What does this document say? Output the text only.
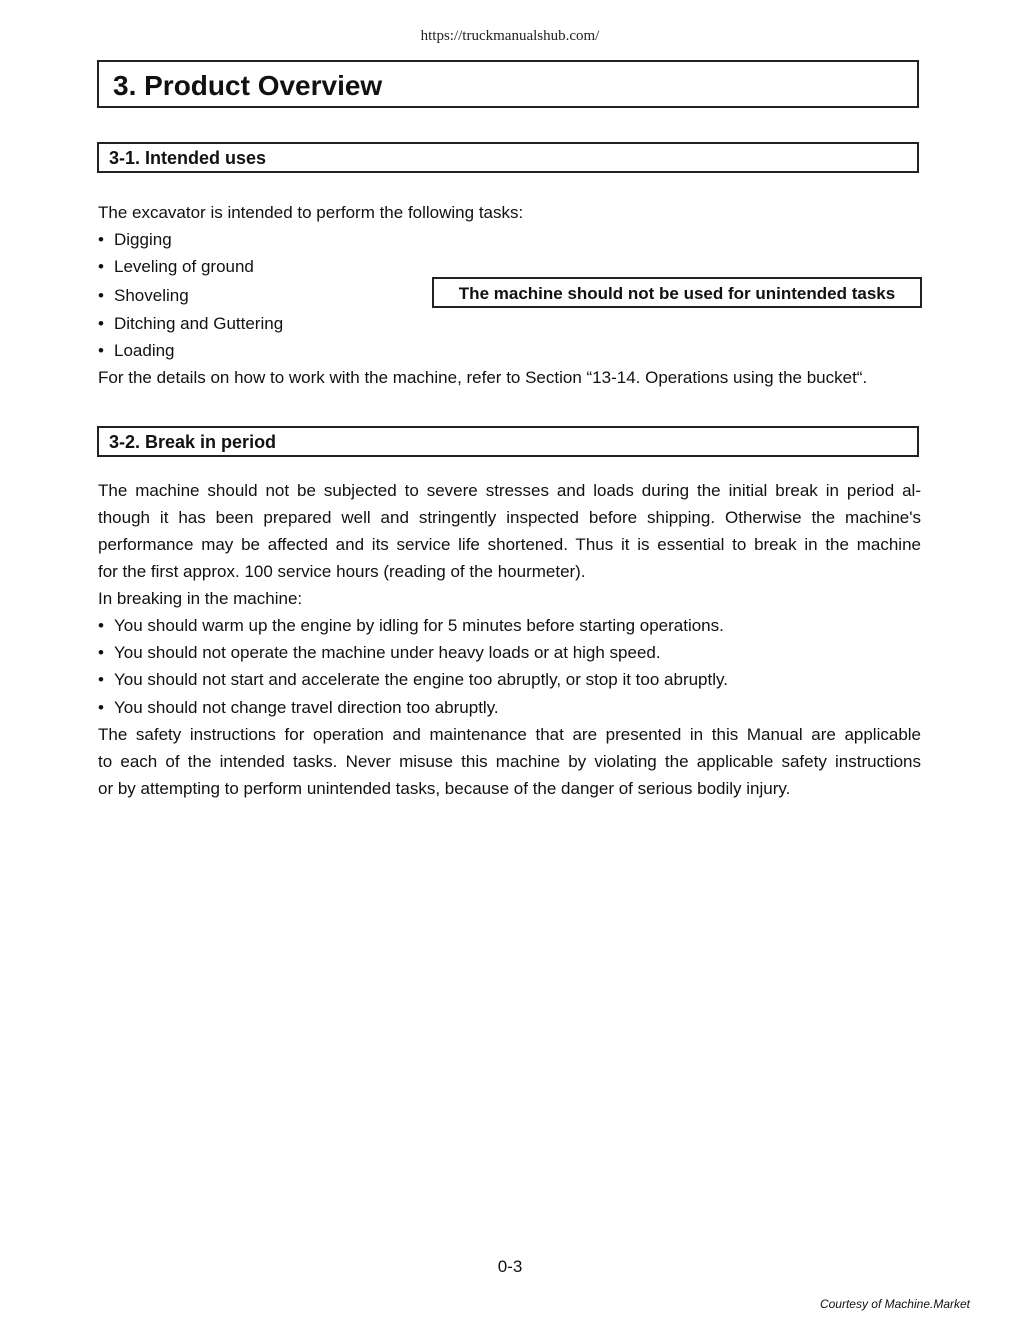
https://truckmanualshub.com/
3. Product Overview
3-1. Intended uses
The excavator is intended to perform the following tasks:
• Digging
• Leveling of ground
• Shoveling
• Ditching and Guttering
• Loading
The machine should not be used for unintended tasks
For the details on how to work with the machine, refer to Section “13-14. Operations using the bucket“.
3-2. Break in period
The machine should not be subjected to severe stresses and loads during the initial break in period al-
though it has been prepared well and stringently inspected before shipping. Otherwise the machine's
performance may be affected and its service life shortened. Thus it is essential to break in the machine
for the first approx. 100 service hours (reading of the hourmeter).
In breaking in the machine:
• You should warm up the engine by idling for 5 minutes before starting operations.
• You should not operate the machine under heavy loads or at high speed.
• You should not start and accelerate the engine too abruptly, or stop it too abruptly.
• You should not change travel direction too abruptly.
The safety instructions for operation and maintenance that are presented in this Manual are applicable
to each of the intended tasks. Never misuse this machine by violating the applicable safety instructions
or by attempting to perform unintended tasks, because of the danger of serious bodily injury.
0-3
Courtesy of Machine.Market
